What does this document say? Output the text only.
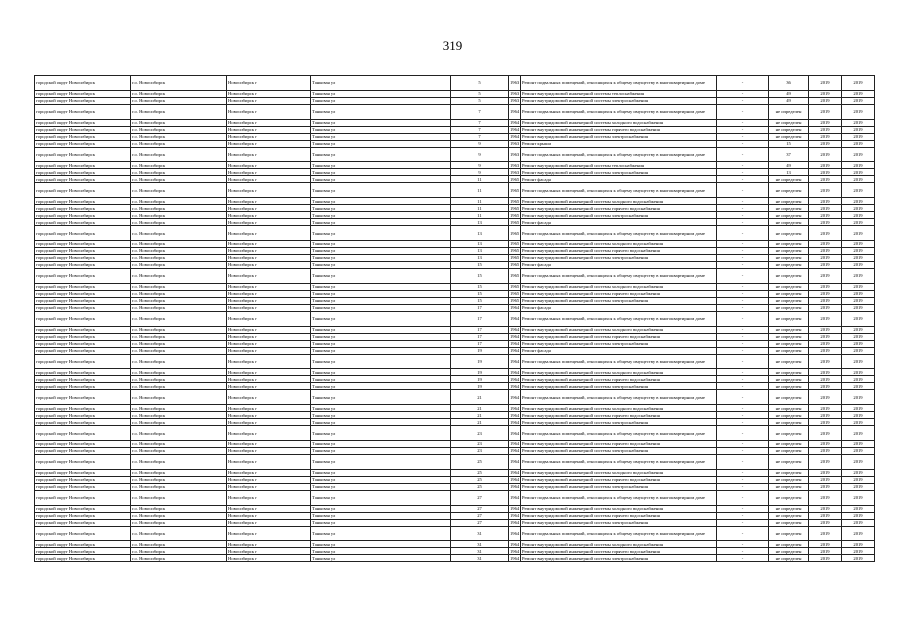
319
городской округ Новосибирск	г.о. Новосибирск	Новосибирск г	Танковая ул	5	1963	Ремонт подвальных помещений, относящихся к общему имуществу в многоквартирном доме	-	36	2019	2019
городской округ Новосибирск	г.о. Новосибирск	Новосибирск г	Танковая ул	5	1963	Ремонт внутридомовой инженерной системы теплоснабжения	-	49	2019	2019
городской округ Новосибирск	г.о. Новосибирск	Новосибирск г	Танковая ул	5	1963	Ремонт внутридомовой инженерной системы электроснабжения	-	49	2019	2019
городской округ Новосибирск	г.о. Новосибирск	Новосибирск г	Танковая ул	7	1964	Ремонт подвальных помещений, относящихся к общему имуществу в многоквартирном доме	-	не определен	2019	2019
городской округ Новосибирск	г.о. Новосибирск	Новосибирск г	Танковая ул	7	1964	Ремонт внутридомовой инженерной системы холодного водоснабжения	-	не определен	2019	2019
городской округ Новосибирск	г.о. Новосибирск	Новосибирск г	Танковая ул	7	1964	Ремонт внутридомовой инженерной системы горячего водоснабжения	-	не определен	2019	2019
городской округ Новосибирск	г.о. Новосибирск	Новосибирск г	Танковая ул	7	1964	Ремонт внутридомовой инженерной системы электроснабжения	-	не определен	2019	2019
городской округ Новосибирск	г.о. Новосибирск	Новосибирск г	Танковая ул	9	1963	Ремонт крыши	-	15	2019	2019
городской округ Новосибирск	г.о. Новосибирск	Новосибирск г	Танковая ул	9	1963	Ремонт подвальных помещений, относящихся к общему имуществу в многоквартирном доме	-	37	2019	2019
городской округ Новосибирск	г.о. Новосибирск	Новосибирск г	Танковая ул	9	1963	Ремонт внутридомовой инженерной системы теплоснабжения	-	49	2019	2019
городской округ Новосибирск	г.о. Новосибирск	Новосибирск г	Танковая ул	9	1963	Ремонт внутридомовой инженерной системы электроснабжения	-	13	2019	2019
городской округ Новосибирск	г.о. Новосибирск	Новосибирск г	Танковая ул	11	1965	Ремонт фасада	-	не определен	2019	2019
городской округ Новосибирск	г.о. Новосибирск	Новосибирск г	Танковая ул	11	1965	Ремонт подвальных помещений, относящихся к общему имуществу в многоквартирном доме	-	не определен	2019	2019
городской округ Новосибирск	г.о. Новосибирск	Новосибирск г	Танковая ул	11	1965	Ремонт внутридомовой инженерной системы холодного водоснабжения	-	не определен	2019	2019
городской округ Новосибирск	г.о. Новосибирск	Новосибирск г	Танковая ул	11	1965	Ремонт внутридомовой инженерной системы горячего водоснабжения	-	не определен	2019	2019
городской округ Новосибирск	г.о. Новосибирск	Новосибирск г	Танковая ул	11	1965	Ремонт внутридомовой инженерной системы электроснабжения	-	не определен	2019	2019
городской округ Новосибирск	г.о. Новосибирск	Новосибирск г	Танковая ул	13	1965	Ремонт фасада	-	не определен	2019	2019
городской округ Новосибирск	г.о. Новосибирск	Новосибирск г	Танковая ул	13	1965	Ремонт подвальных помещений, относящихся к общему имуществу в многоквартирном доме	-	не определен	2019	2019
городской округ Новосибирск	г.о. Новосибирск	Новосибирск г	Танковая ул	13	1965	Ремонт внутридомовой инженерной системы холодного водоснабжения	-	не определен	2019	2019
городской округ Новосибирск	г.о. Новосибирск	Новосибирск г	Танковая ул	13	1965	Ремонт внутридомовой инженерной системы горячего водоснабжения	-	не определен	2019	2019
городской округ Новосибирск	г.о. Новосибирск	Новосибирск г	Танковая ул	13	1965	Ремонт внутридомовой инженерной системы электроснабжения	-	не определен	2019	2019
городской округ Новосибирск	г.о. Новосибирск	Новосибирск г	Танковая ул	15	1965	Ремонт фасада	-	не определен	2019	2019
городской округ Новосибирск	г.о. Новосибирск	Новосибирск г	Танковая ул	15	1965	Ремонт подвальных помещений, относящихся к общему имуществу в многоквартирном доме	-	не определен	2019	2019
городской округ Новосибирск	г.о. Новосибирск	Новосибирск г	Танковая ул	15	1965	Ремонт внутридомовой инженерной системы холодного водоснабжения	-	не определен	2019	2019
городской округ Новосибирск	г.о. Новосибирск	Новосибирск г	Танковая ул	15	1965	Ремонт внутридомовой инженерной системы горячего водоснабжения	-	не определен	2019	2019
городской округ Новосибирск	г.о. Новосибирск	Новосибирск г	Танковая ул	15	1965	Ремонт внутридомовой инженерной системы электроснабжения	-	не определен	2019	2019
городской округ Новосибирск	г.о. Новосибирск	Новосибирск г	Танковая ул	17	1964	Ремонт фасада	-	не определен	2019	2019
городской округ Новосибирск	г.о. Новосибирск	Новосибирск г	Танковая ул	17	1964	Ремонт подвальных помещений, относящихся к общему имуществу в многоквартирном доме	-	не определен	2019	2019
городской округ Новосибирск	г.о. Новосибирск	Новосибирск г	Танковая ул	17	1964	Ремонт внутридомовой инженерной системы холодного водоснабжения	-	не определен	2019	2019
городской округ Новосибирск	г.о. Новосибирск	Новосибирск г	Танковая ул	17	1964	Ремонт внутридомовой инженерной системы горячего водоснабжения	-	не определен	2019	2019
городской округ Новосибирск	г.о. Новосибирск	Новосибирск г	Танковая ул	17	1964	Ремонт внутридомовой инженерной системы электроснабжения	-	не определен	2019	2019
городской округ Новосибирск	г.о. Новосибирск	Новосибирск г	Танковая ул	19	1964	Ремонт фасада	-	не определен	2019	2019
городской округ Новосибирск	г.о. Новосибирск	Новосибирск г	Танковая ул	19	1964	Ремонт подвальных помещений, относящихся к общему имуществу в многоквартирном доме	-	не определен	2019	2019
городской округ Новосибирск	г.о. Новосибирск	Новосибирск г	Танковая ул	19	1964	Ремонт внутридомовой инженерной системы холодного водоснабжения	-	не определен	2019	2019
городской округ Новосибирск	г.о. Новосибирск	Новосибирск г	Танковая ул	19	1964	Ремонт внутридомовой инженерной системы горячего водоснабжения	-	не определен	2019	2019
городской округ Новосибирск	г.о. Новосибирск	Новосибирск г	Танковая ул	19	1964	Ремонт внутридомовой инженерной системы электроснабжения	-	не определен	2019	2019
городской округ Новосибирск	г.о. Новосибирск	Новосибирск г	Танковая ул	21	1964	Ремонт подвальных помещений, относящихся к общему имуществу в многоквартирном доме	-	не определен	2019	2019
городской округ Новосибирск	г.о. Новосибирск	Новосибирск г	Танковая ул	21	1964	Ремонт внутридомовой инженерной системы холодного водоснабжения	-	не определен	2019	2019
городской округ Новосибирск	г.о. Новосибирск	Новосибирск г	Танковая ул	21	1964	Ремонт внутридомовой инженерной системы горячего водоснабжения	-	не определен	2019	2019
городской округ Новосибирск	г.о. Новосибирск	Новосибирск г	Танковая ул	21	1964	Ремонт внутридомовой инженерной системы электроснабжения	-	не определен	2019	2019
городской округ Новосибирск	г.о. Новосибирск	Новосибирск г	Танковая ул	23	1964	Ремонт подвальных помещений, относящихся к общему имуществу в многоквартирном доме	-	не определен	2019	2019
городской округ Новосибирск	г.о. Новосибирск	Новосибирск г	Танковая ул	23	1964	Ремонт внутридомовой инженерной системы горячего водоснабжения	-	не определен	2019	2019
городской округ Новосибирск	г.о. Новосибирск	Новосибирск г	Танковая ул	23	1964	Ремонт внутридомовой инженерной системы электроснабжения	-	не определен	2019	2019
городской округ Новосибирск	г.о. Новосибирск	Новосибирск г	Танковая ул	25	1964	Ремонт подвальных помещений, относящихся к общему имуществу в многоквартирном доме	-	не определен	2019	2019
городской округ Новосибирск	г.о. Новосибирск	Новосибирск г	Танковая ул	25	1964	Ремонт внутридомовой инженерной системы холодного водоснабжения	-	не определен	2019	2019
городской округ Новосибирск	г.о. Новосибирск	Новосибирск г	Танковая ул	25	1964	Ремонт внутридомовой инженерной системы горячего водоснабжения	-	не определен	2019	2019
городской округ Новосибирск	г.о. Новосибирск	Новосибирск г	Танковая ул	25	1964	Ремонт внутридомовой инженерной системы электроснабжения	-	не определен	2019	2019
городской округ Новосибирск	г.о. Новосибирск	Новосибирск г	Танковая ул	27	1964	Ремонт подвальных помещений, относящихся к общему имуществу в многоквартирном доме	-	не определен	2019	2019
городской округ Новосибирск	г.о. Новосибирск	Новосибирск г	Танковая ул	27	1964	Ремонт внутридомовой инженерной системы холодного водоснабжения	-	не определен	2019	2019
городской округ Новосибирск	г.о. Новосибирск	Новосибирск г	Танковая ул	27	1964	Ремонт внутридомовой инженерной системы горячего водоснабжения	-	не определен	2019	2019
городской округ Новосибирск	г.о. Новосибирск	Новосибирск г	Танковая ул	27	1964	Ремонт внутридомовой инженерной системы электроснабжения	-	не определен	2019	2019
городской округ Новосибирск	г.о. Новосибирск	Новосибирск г	Танковая ул	31	1964	Ремонт подвальных помещений, относящихся к общему имуществу в многоквартирном доме	-	не определен	2019	2019
городской округ Новосибирск	г.о. Новосибирск	Новосибирск г	Танковая ул	31	1964	Ремонт внутридомовой инженерной системы холодного водоснабжения	-	не определен	2019	2019
городской округ Новосибирск	г.о. Новосибирск	Новосибирск г	Танковая ул	31	1964	Ремонт внутридомовой инженерной системы горячего водоснабжения	-	не определен	2019	2019
городской округ Новосибирск	г.о. Новосибирск	Новосибирск г	Танковая ул	31	1964	Ремонт внутридомовой инженерной системы электроснабжения	-	не определен	2019	2019
